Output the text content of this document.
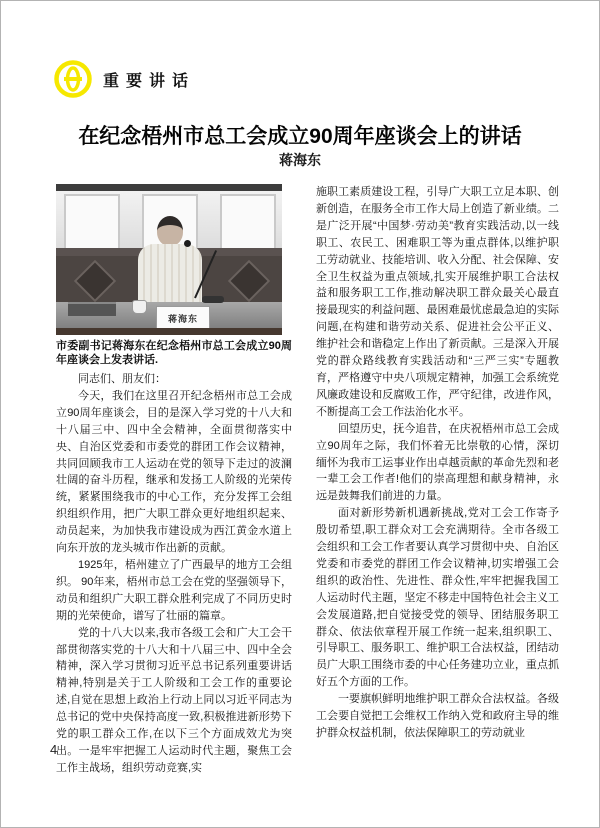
重要讲话
在纪念梧州市总工会成立90周年座谈会上的讲话
蒋海东
蒋海东
市委副书记蒋海东在纪念梧州市总工会成立90周年座谈会上发表讲话.

同志们、朋友们：

今天，我们在这里召开纪念梧州市总工会成立90周年座谈会，目的是深入学习党的十八大和十八届三中、四中全会精神，全面贯彻落实中央、自治区党委和市委党的群团工作会议精神，共同回顾我市工人运动在党的领导下走过的波澜壮阔的奋斗历程，继承和发扬工人阶级的光荣传统，紧紧围绕我市的中心工作，充分发挥工会组织组织作用，把广大职工群众更好地组织起来、动员起来，为加快我市建设成为西江黄金水道上向东开放的龙头城市作出新的贡献。

1925年，梧州建立了广西最早的地方工会组织。 90年来，梧州市总工会在党的坚强领导下，动员和组织广大职工群众胜利完成了不同历史时期的光荣使命，谱写了壮丽的篇章。

党的十八大以来,我市各级工会和广大工会干部贯彻落实党的十八大和十八届三中、四中全会精神，深入学习贯彻习近平总书记系列重要讲话精神,特别是关于工人阶级和工会工作的重要论述,自觉在思想上政治上行动上同以习近平同志为总书记的党中央保持高度一致,积极推进新形势下党的职工群众工作,在以下三个方面成效尤为突出。一是牢牢把握工人运动时代主题，聚焦工会工作主战场，组织劳动竞赛,实

施职工素质建设工程，引导广大职工立足本职、创新创造，在服务全市工作大局上创造了新业绩。二是广泛开展“中国梦·劳动美”教育实践活动,以一线职工、农民工、困难职工等为重点群体,以维护职工劳动就业、技能培训、收入分配、社会保障、安全卫生权益为重点领域,扎实开展维护职工合法权益和服务职工工作,推动解决职工群众最关心最直接最现实的利益问题、最困难最忧虑最急迫的实际问题,在构建和谐劳动关系、促进社会公平正义、维护社会和谐稳定上作出了新贡献。三是深入开展党的群众路线教育实践活动和“三严三实”专题教育，严格遵守中央八项规定精神，加强工会系统党风廉政建设和反腐败工作，严守纪律，改进作风，不断提高工会工作法治化水平。

回望历史，抚今追昔，在庆祝梧州市总工会成立90周年之际，我们怀着无比崇敬的心情，深切缅怀为我市工运事业作出卓越贡献的革命先烈和老一辈工会工作者!他们的崇高理想和献身精神，永远是鼓舞我们前进的力量。

面对新形势新机遇新挑战,党对工会工作寄予殷切希望,职工群众对工会充满期待。全市各级工会组织和工会工作者要认真学习贯彻中央、自治区党委和市委党的群团工作会议精神,切实增强工会组织的政治性、先进性、群众性,牢牢把握我国工人运动时代主题，坚定不移走中国特色社会主义工会发展道路,把自觉接受党的领导、团结服务职工群众、依法依章程开展工作统一起来,组织职工、引导职工、服务职工、维护职工合法权益，团结动员广大职工围绕市委的中心任务建功立业，重点抓好五个方面的工作。

一要旗帜鲜明地维护职工群众合法权益。各级工会要自觉把工会维权工作纳入党和政府主导的维护群众权益机制，依法保障职工的劳动就业

4
